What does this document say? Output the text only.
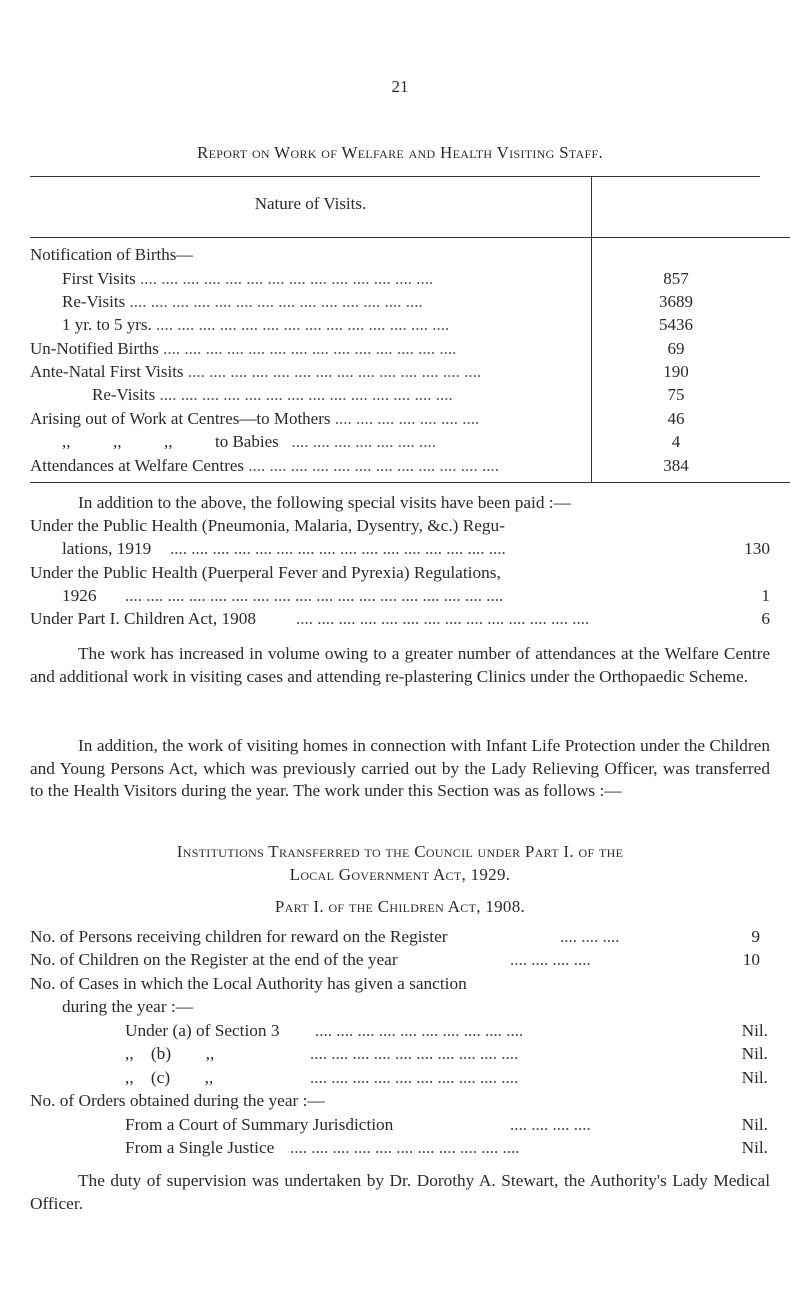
21
Report on Work of Welfare and Health Visiting Staff.
Nature of Visits.
Notification of Births—
First Visits .... .... .... .... .... .... .... .... .... .... .... .... .... ....	857
Re-Visits .... .... .... .... .... .... .... .... .... .... .... .... .... ....	3689
1 yr. to 5 yrs. .... .... .... .... .... .... .... .... .... .... .... .... .... ....	5436
Un-Notified Births .... .... .... .... .... .... .... .... .... .... .... .... .... ....	69
Ante-Natal First Visits .... .... .... .... .... .... .... .... .... .... .... .... .... ....	190
Re-Visits .... .... .... .... .... .... .... .... .... .... .... .... .... ....	75
Arising out of Work at Centres—to Mothers .... .... .... .... .... .... ....	46
,,          ,,          ,,          to Babies   .... .... .... .... .... .... ....	4
Attendances at Welfare Centres .... .... .... .... .... .... .... .... .... .... .... ....	384
In addition to the above, the following special visits have been paid :—
Under the Public Health (Pneumonia, Malaria, Dysentry, &c.) Regu-
lations, 1919 .... .... .... .... .... .... .... .... .... .... .... .... .... .... .... ....	130
Under the Public Health (Puerperal Fever and Pyrexia) Regulations,
1926 .... .... .... .... .... .... .... .... .... .... .... .... .... .... .... .... .... ....	1
Under Part I. Children Act, 1908 .... .... .... .... .... .... .... .... .... .... .... .... .... ....	6
The work has increased in volume owing to a greater number of attendances at the Welfare Centre and additional work in visiting cases and attending re-plastering Clinics under the Orthopaedic Scheme.
In addition, the work of visiting homes in connection with Infant Life Protection under the Children and Young Persons Act, which was previously carried out by the Lady Relieving Officer, was transferred to the Health Visitors during the year. The work under this Section was as follows :—
Institutions Transferred to the Council under Part I. of the
Local Government Act, 1929.
Part I. of the Children Act, 1908.
No. of Persons receiving children for reward on the Register	.... .... ....	9
No. of Children on the Register at the end of the year	.... .... .... ....	10
No. of Cases in which the Local Authority has given a sanction
during the year :—
Under (a) of Section 3 .... .... .... .... .... .... .... .... .... ....	Nil.
,,    (b)        ,,	.... .... .... .... .... .... .... .... .... ....	Nil.
,,    (c)        ,,	.... .... .... .... .... .... .... .... .... ....	Nil.
No. of Orders obtained during the year :—
From a Court of Summary Jurisdiction	.... .... .... ....	Nil.
From a Single Justice .... .... .... .... .... .... .... .... .... .... ....	Nil.
The duty of supervision was undertaken by Dr. Dorothy A. Stewart, the Authority's Lady Medical Officer.
